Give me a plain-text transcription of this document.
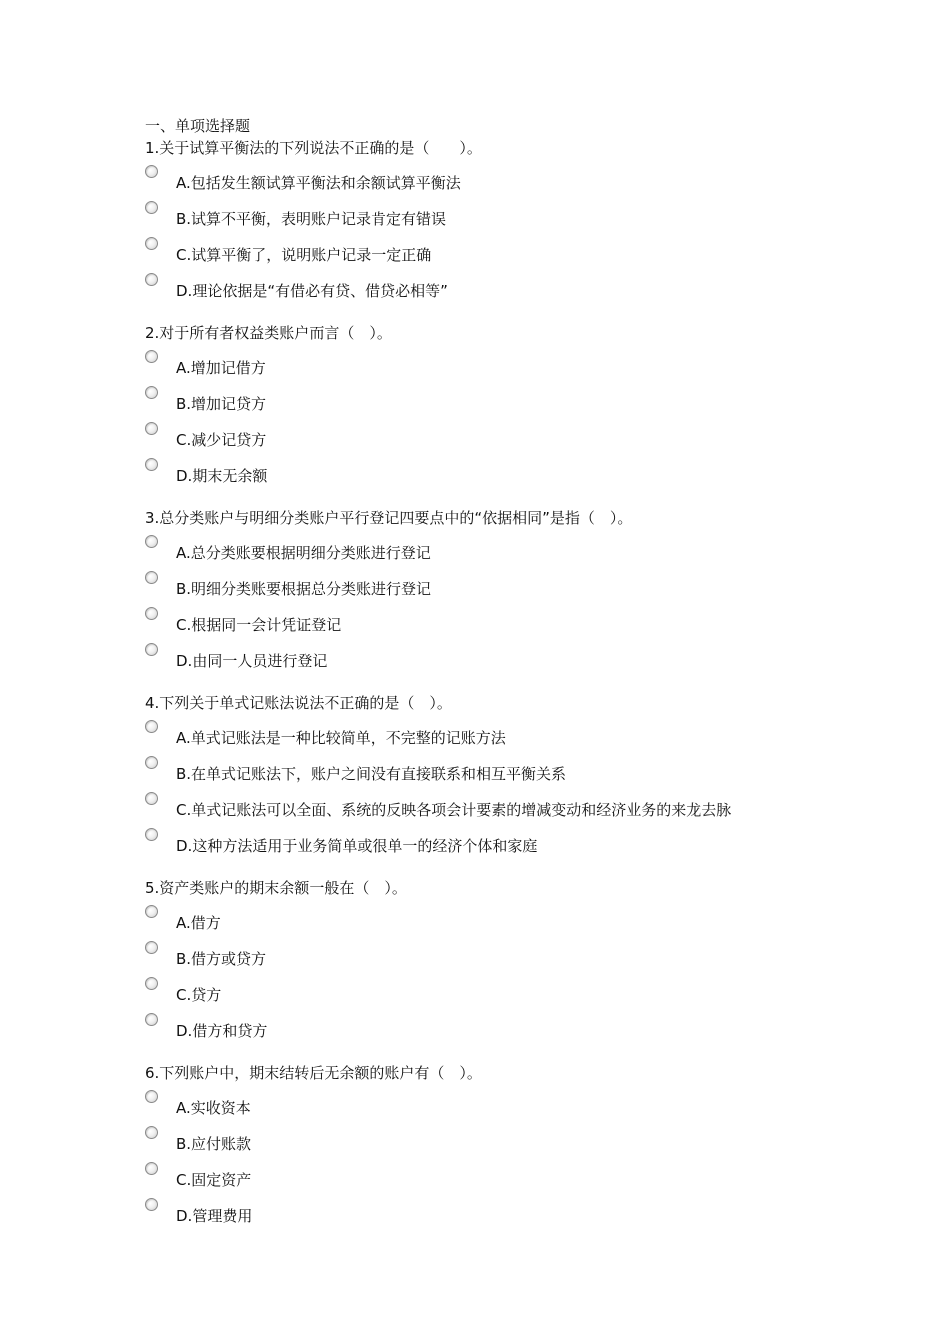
一、单项选择题
1.关于试算平衡法的下列说法不正确的是（　　）。
A.包括发生额试算平衡法和余额试算平衡法
B.试算不平衡，表明账户记录肯定有错误
C.试算平衡了，说明账户记录一定正确
D.理论依据是“有借必有贷、借贷必相等”
2.对于所有者权益类账户而言（　）。
A.增加记借方
B.增加记贷方
C.减少记贷方
D.期末无余额
3.总分类账户与明细分类账户平行登记四要点中的“依据相同”是指（　）。
A.总分类账要根据明细分类账进行登记
B.明细分类账要根据总分类账进行登记
C.根据同一会计凭证登记
D.由同一人员进行登记
4.下列关于单式记账法说法不正确的是（　）。
A.单式记账法是一种比较简单，不完整的记账方法
B.在单式记账法下，账户之间没有直接联系和相互平衡关系
C.单式记账法可以全面、系统的反映各项会计要素的增减变动和经济业务的来龙去脉
D.这种方法适用于业务简单或很单一的经济个体和家庭
5.资产类账户的期末余额一般在（　）。
A.借方
B.借方或贷方
C.贷方
D.借方和贷方
6.下列账户中，期末结转后无余额的账户有（　）。
A.实收资本
B.应付账款
C.固定资产
D.管理费用
